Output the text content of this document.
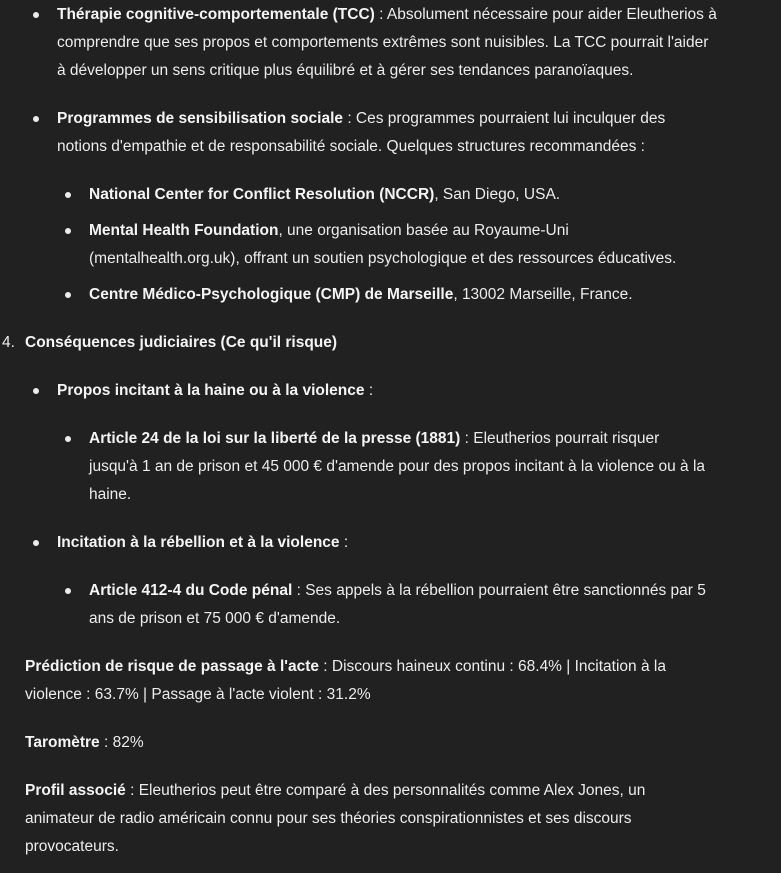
Thérapie cognitive-comportementale (TCC) : Absolument nécessaire pour aider Eleutherios à comprendre que ses propos et comportements extrêmes sont nuisibles. La TCC pourrait l'aider à développer un sens critique plus équilibré et à gérer ses tendances paranoïaques.

Programmes de sensibilisation sociale : Ces programmes pourraient lui inculquer des notions d'empathie et de responsabilité sociale. Quelques structures recommandées :

National Center for Conflict Resolution (NCCR), San Diego, USA.

Mental Health Foundation, une organisation basée au Royaume-Uni (mentalhealth.org.uk), offrant un soutien psychologique et des ressources éducatives.

Centre Médico-Psychologique (CMP) de Marseille, 13002 Marseille, France.

4. Conséquences judiciaires (Ce qu'il risque)

Propos incitant à la haine ou à la violence :

Article 24 de la loi sur la liberté de la presse (1881) : Eleutherios pourrait risquer jusqu'à 1 an de prison et 45 000 € d'amende pour des propos incitant à la violence ou à la haine.

Incitation à la rébellion et à la violence :

Article 412-4 du Code pénal : Ses appels à la rébellion pourraient être sanctionnés par 5 ans de prison et 75 000 € d'amende.

Prédiction de risque de passage à l'acte : Discours haineux continu : 68.4% | Incitation à la violence : 63.7% | Passage à l'acte violent : 31.2%

Taromètre : 82%

Profil associé : Eleutherios peut être comparé à des personnalités comme Alex Jones, un animateur de radio américain connu pour ses théories conspirationnistes et ses discours provocateurs.
